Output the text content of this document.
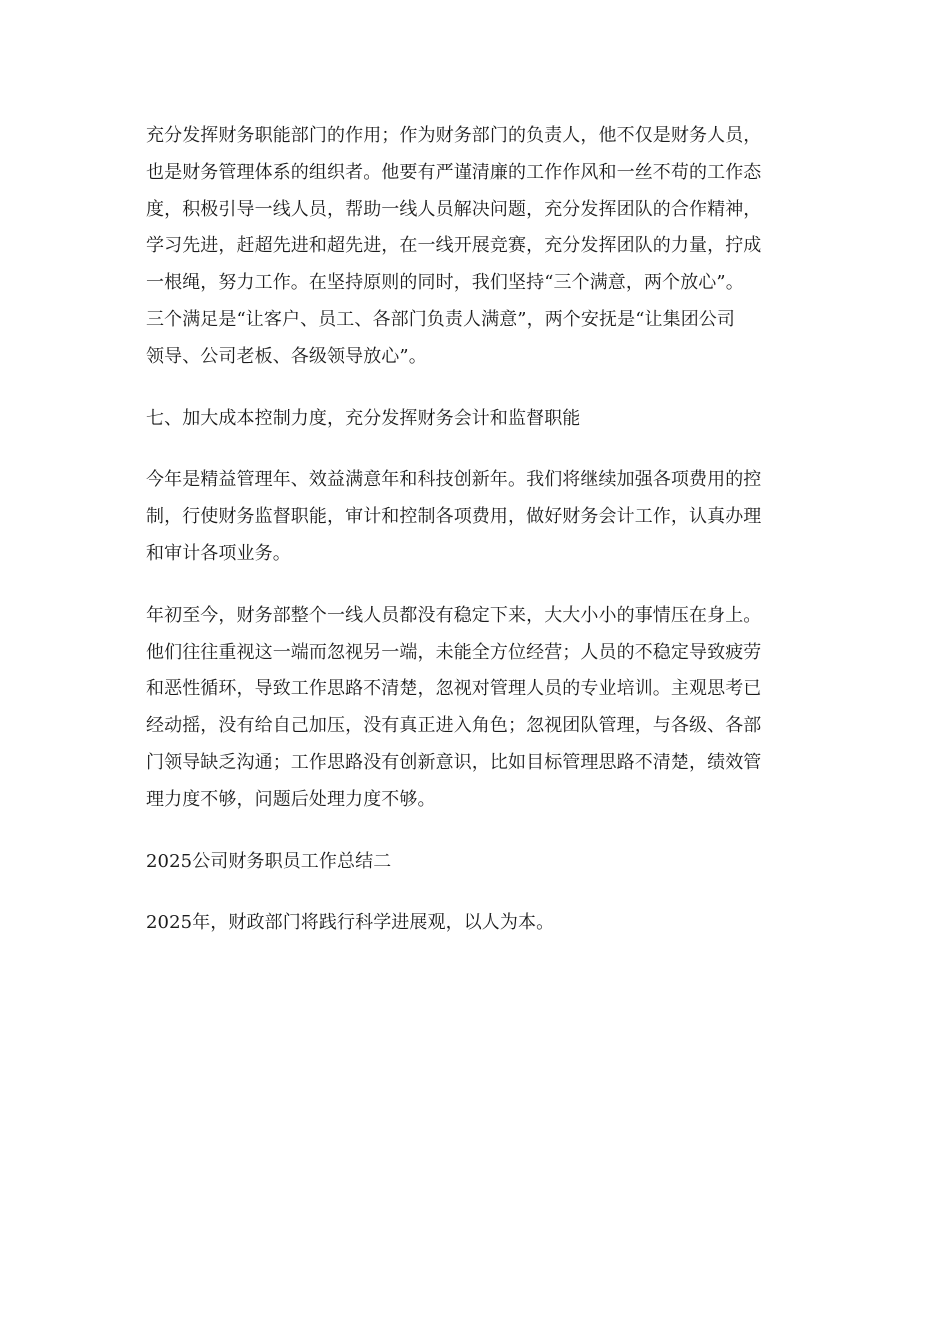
充分发挥财务职能部门的作用；作为财务部门的负责人，他不仅是财务人员，
也是财务管理体系的组织者。他要有严谨清廉的工作作风和一丝不苟的工作态
度，积极引导一线人员，帮助一线人员解决问题，充分发挥团队的合作精神，
学习先进，赶超先进和超先进，在一线开展竞赛，充分发挥团队的力量，拧成
一根绳，努力工作。在坚持原则的同时，我们坚持“三个满意，两个放心”。
三个满足是“让客户、员工、各部门负责人满意”，两个安抚是“让集团公司
领导、公司老板、各级领导放心”。

七、加大成本控制力度，充分发挥财务会计和监督职能

今年是精益管理年、效益满意年和科技创新年。我们将继续加强各项费用的控
制，行使财务监督职能，审计和控制各项费用，做好财务会计工作，认真办理
和审计各项业务。

年初至今，财务部整个一线人员都没有稳定下来，大大小小的事情压在身上。
他们往往重视这一端而忽视另一端，未能全方位经营；人员的不稳定导致疲劳
和恶性循环，导致工作思路不清楚，忽视对管理人员的专业培训。主观思考已
经动摇，没有给自己加压，没有真正进入角色；忽视团队管理，与各级、各部
门领导缺乏沟通；工作思路没有创新意识，比如目标管理思路不清楚，绩效管
理力度不够，问题后处理力度不够。

2025公司财务职员工作总结二

2025年，财政部门将践行科学进展观，以人为本。
